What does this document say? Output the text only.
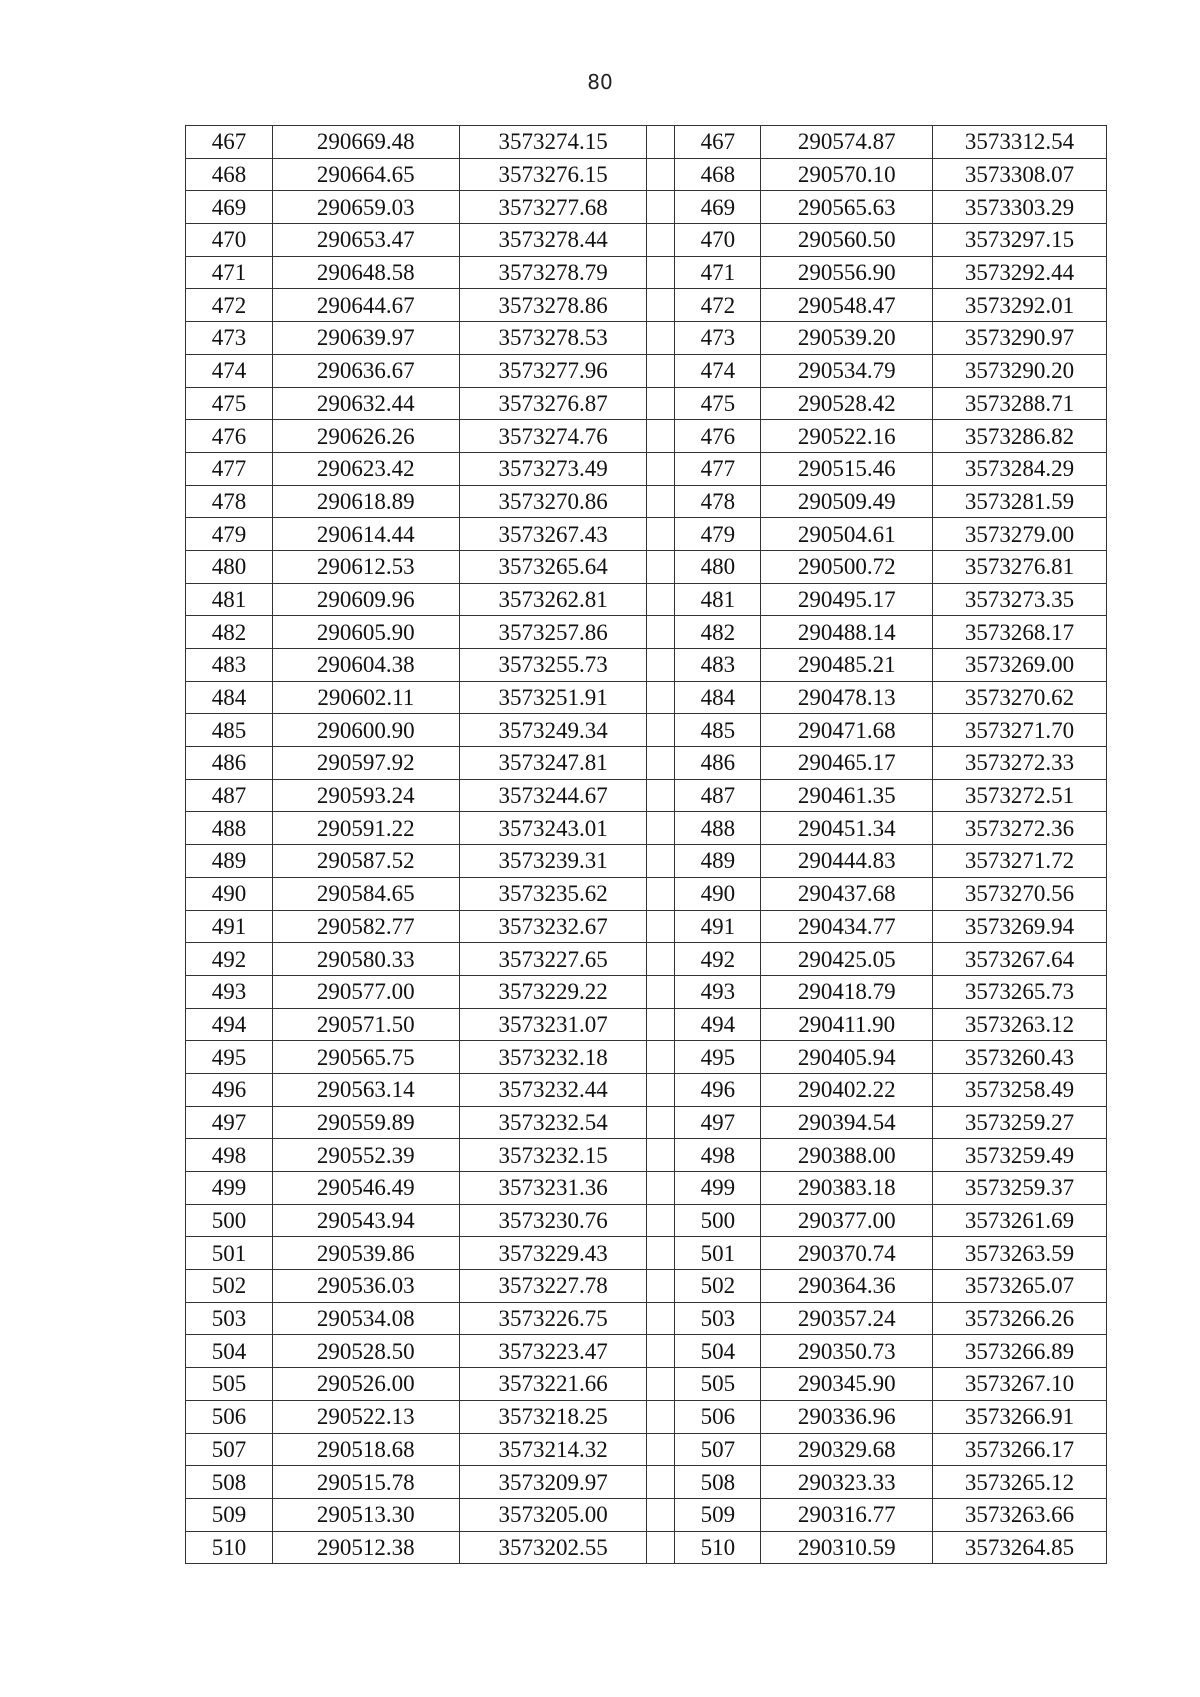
80
467	290669.48	3573274.15		467	290574.87	3573312.54
468	290664.65	3573276.15		468	290570.10	3573308.07
469	290659.03	3573277.68		469	290565.63	3573303.29
470	290653.47	3573278.44		470	290560.50	3573297.15
471	290648.58	3573278.79		471	290556.90	3573292.44
472	290644.67	3573278.86		472	290548.47	3573292.01
473	290639.97	3573278.53		473	290539.20	3573290.97
474	290636.67	3573277.96		474	290534.79	3573290.20
475	290632.44	3573276.87		475	290528.42	3573288.71
476	290626.26	3573274.76		476	290522.16	3573286.82
477	290623.42	3573273.49		477	290515.46	3573284.29
478	290618.89	3573270.86		478	290509.49	3573281.59
479	290614.44	3573267.43		479	290504.61	3573279.00
480	290612.53	3573265.64		480	290500.72	3573276.81
481	290609.96	3573262.81		481	290495.17	3573273.35
482	290605.90	3573257.86		482	290488.14	3573268.17
483	290604.38	3573255.73		483	290485.21	3573269.00
484	290602.11	3573251.91		484	290478.13	3573270.62
485	290600.90	3573249.34		485	290471.68	3573271.70
486	290597.92	3573247.81		486	290465.17	3573272.33
487	290593.24	3573244.67		487	290461.35	3573272.51
488	290591.22	3573243.01		488	290451.34	3573272.36
489	290587.52	3573239.31		489	290444.83	3573271.72
490	290584.65	3573235.62		490	290437.68	3573270.56
491	290582.77	3573232.67		491	290434.77	3573269.94
492	290580.33	3573227.65		492	290425.05	3573267.64
493	290577.00	3573229.22		493	290418.79	3573265.73
494	290571.50	3573231.07		494	290411.90	3573263.12
495	290565.75	3573232.18		495	290405.94	3573260.43
496	290563.14	3573232.44		496	290402.22	3573258.49
497	290559.89	3573232.54		497	290394.54	3573259.27
498	290552.39	3573232.15		498	290388.00	3573259.49
499	290546.49	3573231.36		499	290383.18	3573259.37
500	290543.94	3573230.76		500	290377.00	3573261.69
501	290539.86	3573229.43		501	290370.74	3573263.59
502	290536.03	3573227.78		502	290364.36	3573265.07
503	290534.08	3573226.75		503	290357.24	3573266.26
504	290528.50	3573223.47		504	290350.73	3573266.89
505	290526.00	3573221.66		505	290345.90	3573267.10
506	290522.13	3573218.25		506	290336.96	3573266.91
507	290518.68	3573214.32		507	290329.68	3573266.17
508	290515.78	3573209.97		508	290323.33	3573265.12
509	290513.30	3573205.00		509	290316.77	3573263.66
510	290512.38	3573202.55		510	290310.59	3573264.85
